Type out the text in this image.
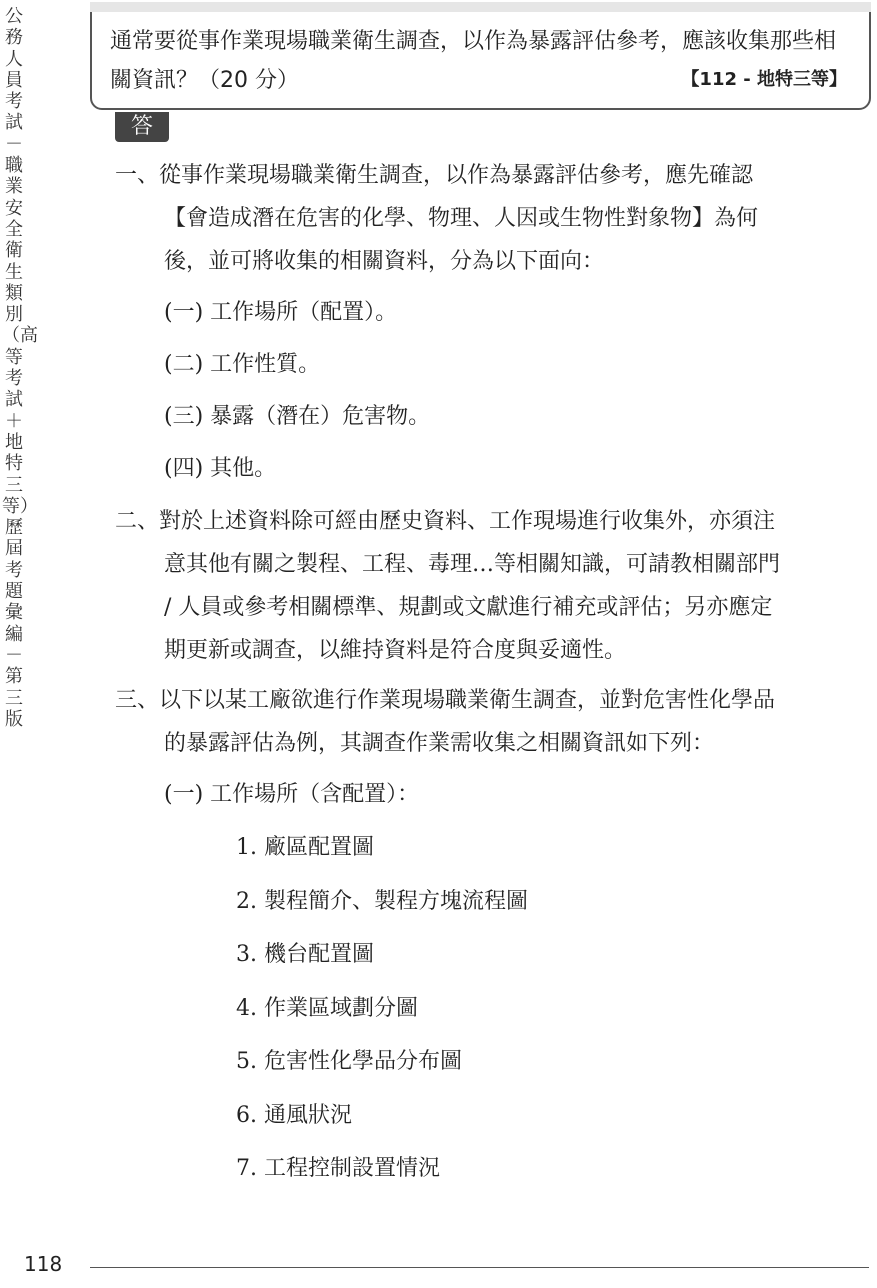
公務人員考試－職業安全衛生類別（高等考試＋地特三等）歷屆考題彙編－第三版
通常要從事作業現場職業衛生調查，以作為暴露評估參考，應該收集那些相關資訊？（20 分）	【112 - 地特三等】
答
一、從事作業現場職業衛生調查，以作為暴露評估參考，應先確認
【會造成潛在危害的化學、物理、人因或生物性對象物】為何
後，並可將收集的相關資料，分為以下面向：
(一) 工作場所（配置）。
(二) 工作性質。
(三) 暴露（潛在）危害物。
(四) 其他。
二、對於上述資料除可經由歷史資料、工作現場進行收集外，亦須注
意其他有關之製程、工程、毒理…等相關知識，可請教相關部門
/ 人員或參考相關標準、規劃或文獻進行補充或評估；另亦應定
期更新或調查，以維持資料是符合度與妥適性。
三、以下以某工廠欲進行作業現場職業衛生調查，並對危害性化學品
的暴露評估為例，其調查作業需收集之相關資訊如下列：
(一) 工作場所（含配置）：
1. 廠區配置圖
2. 製程簡介、製程方塊流程圖
3. 機台配置圖
4. 作業區域劃分圖
5. 危害性化學品分布圖
6. 通風狀況
7. 工程控制設置情況
118
